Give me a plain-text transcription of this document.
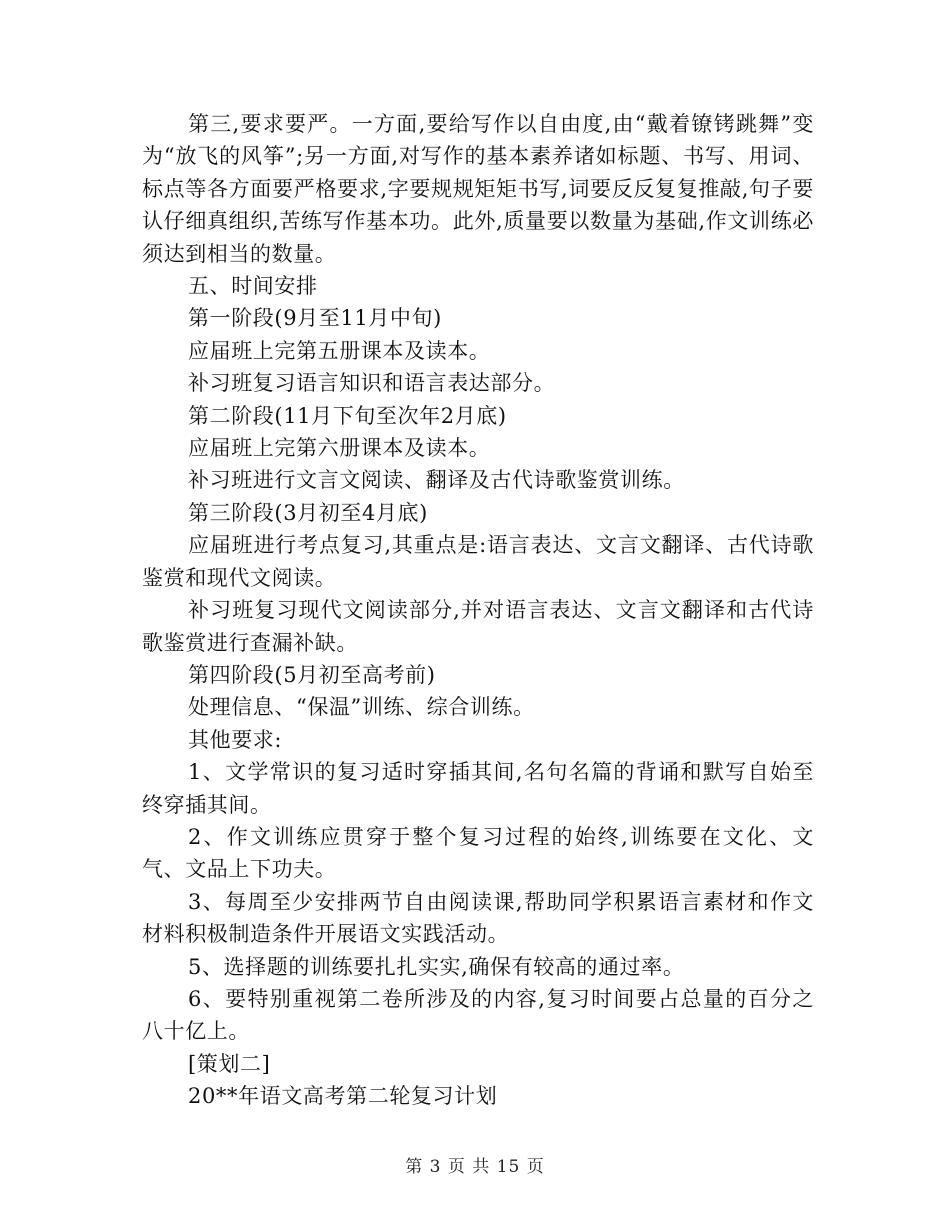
第三,要求要严。一方面,要给写作以自由度,由“戴着镣铐跳舞”变为“放飞的风筝”;另一方面,对写作的基本素养诸如标题、书写、用词、标点等各方面要严格要求,字要规规矩矩书写,词要反反复复推敲,句子要认仔细真组织,苦练写作基本功。此外,质量要以数量为基础,作文训练必须达到相当的数量。

五、时间安排

第一阶段(9月至11月中旬)

应届班上完第五册课本及读本。

补习班复习语言知识和语言表达部分。

第二阶段(11月下旬至次年2月底)

应届班上完第六册课本及读本。

补习班进行文言文阅读、翻译及古代诗歌鉴赏训练。

第三阶段(3月初至4月底)

应届班进行考点复习,其重点是:语言表达、文言文翻译、古代诗歌鉴赏和现代文阅读。

补习班复习现代文阅读部分,并对语言表达、文言文翻译和古代诗歌鉴赏进行查漏补缺。

第四阶段(5月初至高考前)

处理信息、“保温”训练、综合训练。

其他要求:

1、文学常识的复习适时穿插其间,名句名篇的背诵和默写自始至终穿插其间。

2、作文训练应贯穿于整个复习过程的始终,训练要在文化、文气、文品上下功夫。

3、每周至少安排两节自由阅读课,帮助同学积累语言素材和作文材料积极制造条件开展语文实践活动。

5、选择题的训练要扎扎实实,确保有较高的通过率。

6、要特别重视第二卷所涉及的内容,复习时间要占总量的百分之八十亿上。

[策划二]

20**年语文高考第二轮复习计划

第 3 页 共 15 页
